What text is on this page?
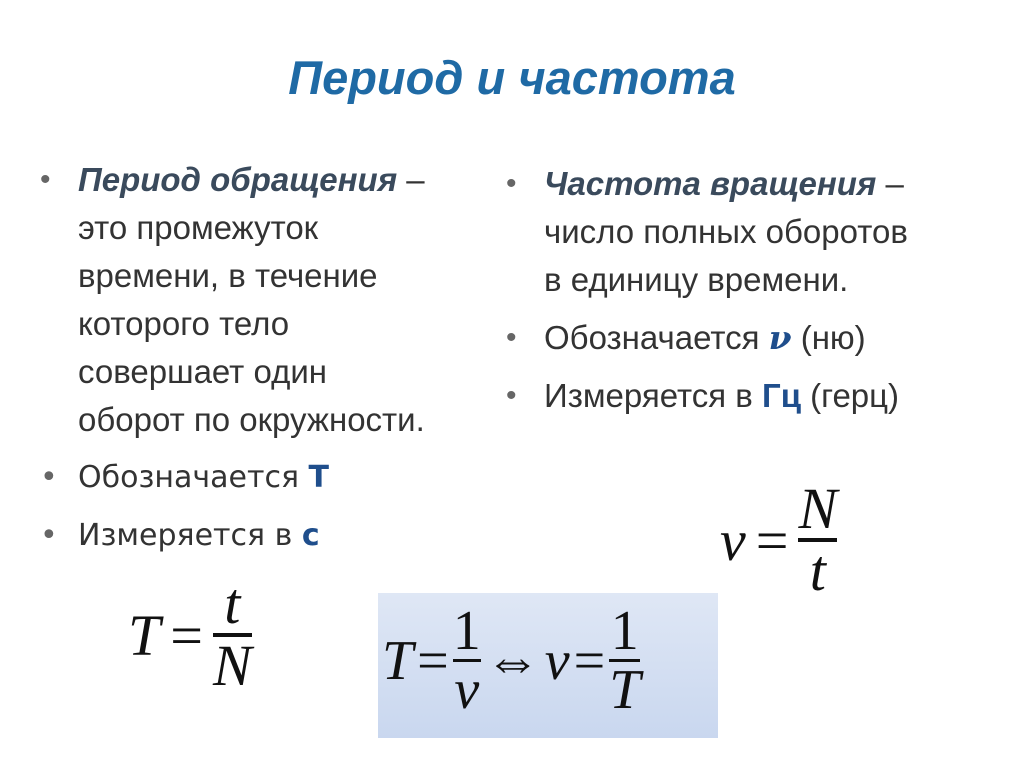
Период и частота
• Период обращения –
это промежуток
времени, в течение
которого тело
совершает один
оборот по окружности.
• Обозначается Т
• Измеряется в с
• Частота вращения –
число полных оборотов
в единицу времени.
• Обозначается ν (ню)
• Измеряется в Гц (герц)
$T = \frac{t}{N}$
$\nu = \frac{N}{t}$
$T = \frac{1}{\nu}$ ⇔ $\nu = \frac{1}{T}$
